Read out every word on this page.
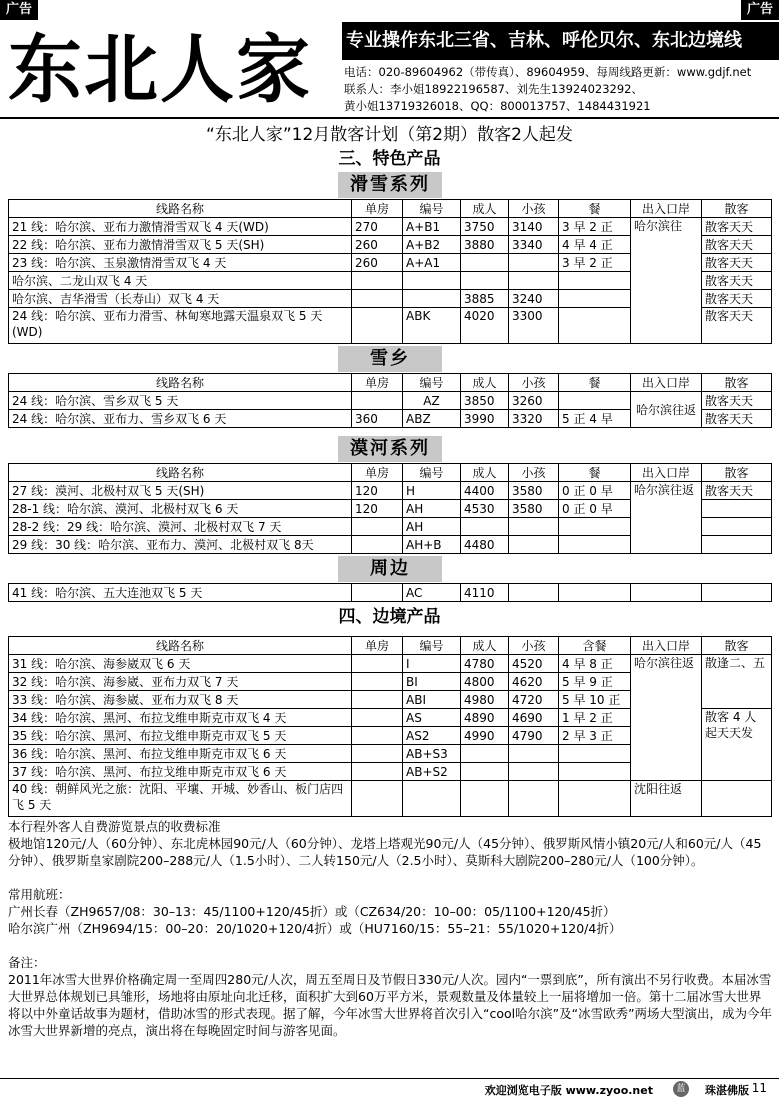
广告	广告
东北人家 专业操作东北三省、吉林、呼伦贝尔、东北边境线
电话：020-89604962（带传真）、89604959、每周线路更新：www.gdjf.net
联系人：李小姐18922196587、刘先生13924023292、
黄小姐13719326018、QQ：800013757、1484431921
“东北人家”12月散客计划（第2期）散客2人起发
三、特色产品
滑雪系列
线路名称	单房	编号	成人	小孩	餐	出入口岸	散客
21 线：哈尔滨、亚布力激情滑雪双飞 4 天(WD)	270	A+B1	3750	3140	3 早 2 正	哈尔滨往	散客天天
22 线：哈尔滨、亚布力激情滑雪双飞 5 天(SH)	260	A+B2	3880	3340	4 早 4 正		散客天天
23 线：哈尔滨、玉泉激情滑雪双飞 4 天	260	A+A1			3 早 2 正		散客天天
哈尔滨、二龙山双飞 4 天							散客天天
哈尔滨、吉华滑雪（长寿山）双飞 4 天			3885	3240			散客天天
24 线：哈尔滨、亚布力滑雪、林甸寒地露天温泉双飞 5 天(WD)		ABK	4020	3300			散客天天
雪乡
线路名称	单房	编号	成人	小孩	餐	出入口岸	散客
24 线：哈尔滨、雪乡双飞 5 天		AZ	3850	3260		哈尔滨往返	散客天天
24 线：哈尔滨、亚布力、雪乡双飞 6 天	360	ABZ	3990	3320	5 正 4 早		散客天天
漠河系列
线路名称	单房	编号	成人	小孩	餐	出入口岸	散客
27 线：漠河、北极村双飞 5 天(SH)	120	H	4400	3580	0 正 0 早	哈尔滨往返	散客天天
28-1 线：哈尔滨、漠河、北极村双飞 6 天	120	AH	4530	3580	0 正 0 早		
28-2 线：29 线：哈尔滨、漠河、北极村双飞 7 天		AH					
29 线：30 线：哈尔滨、亚布力、漠河、北极村双飞 8天		AH+B	4480				
周边
41 线：哈尔滨、五大连池双飞 5 天		AC	4110				
四、边境产品
线路名称	单房	编号	成人	小孩	含餐	出入口岸	散客
31 线：哈尔滨、海参崴双飞 6 天		I	4780	4520	4 早 8 正	哈尔滨往返	散逢二、五
32 线：哈尔滨、海参崴、亚布力双飞 7 天		BI	4800	4620	5 早 9 正		
33 线：哈尔滨、海参崴、亚布力双飞 8 天		ABI	4980	4720	5 早 10 正		
34 线：哈尔滨、黑河、布拉戈维申斯克市双飞 4 天		AS	4890	4690	1 早 2 正		散客 4 人起天天发
35 线：哈尔滨、黑河、布拉戈维申斯克市双飞 5 天		AS2	4990	4790	2 早 3 正		
36 线：哈尔滨、黑河、布拉戈维申斯克市双飞 6 天		AB+S3					
37 线：哈尔滨、黑河、布拉戈维申斯克市双飞 6 天		AB+S2					
40 线：朝鲜风光之旅：沈阳、平壤、开城、妙香山、板门店四飞 5 天						沈阳往返	

本行程外客人自费游览景点的收费标准

极地馆120元/人（60分钟）、东北虎林园90元/人（60分钟）、龙塔上塔观光90元/人（45分钟）、俄罗斯风情小镇20元/人和60元/人（45分钟）、俄罗斯皇家剧院200–288元/人（1.5小时）、二人转150元/人（2.5小时）、莫斯科大剧院200–280元/人（100分钟）。

常用航班：

广州长春（ZH9657/08：30–13：45/1100+120/45折）或（CZ634/20：10–00：05/1100+120/45折）

哈尔滨广州（ZH9694/15：00–20：20/1020+120/4折）或（HU7160/15：55–21：55/1020+120/4折）

备注：

2011年冰雪大世界价格确定周一至周四280元/人次，周五至周日及节假日330元/人次。园内“一票到底”，所有演出不另行收费。本届冰雪大世界总体规划已具雏形，场地将由原址向北迁移，面积扩大到60万平方米，景观数量及体量较上一届将增加一倍。第十二届冰雪大世界将以中外童话故事为题材，借助冰雪的形式表现。据了解，今年冰雪大世界将首次引入“cool哈尔滨”及“冰雪欧秀”两场大型演出，成为今年冰雪大世界新增的亮点，演出将在每晚固定时间与游客见面。

欢迎浏览电子版 www.zyoo.net	蓝	珠湛佛版 11
